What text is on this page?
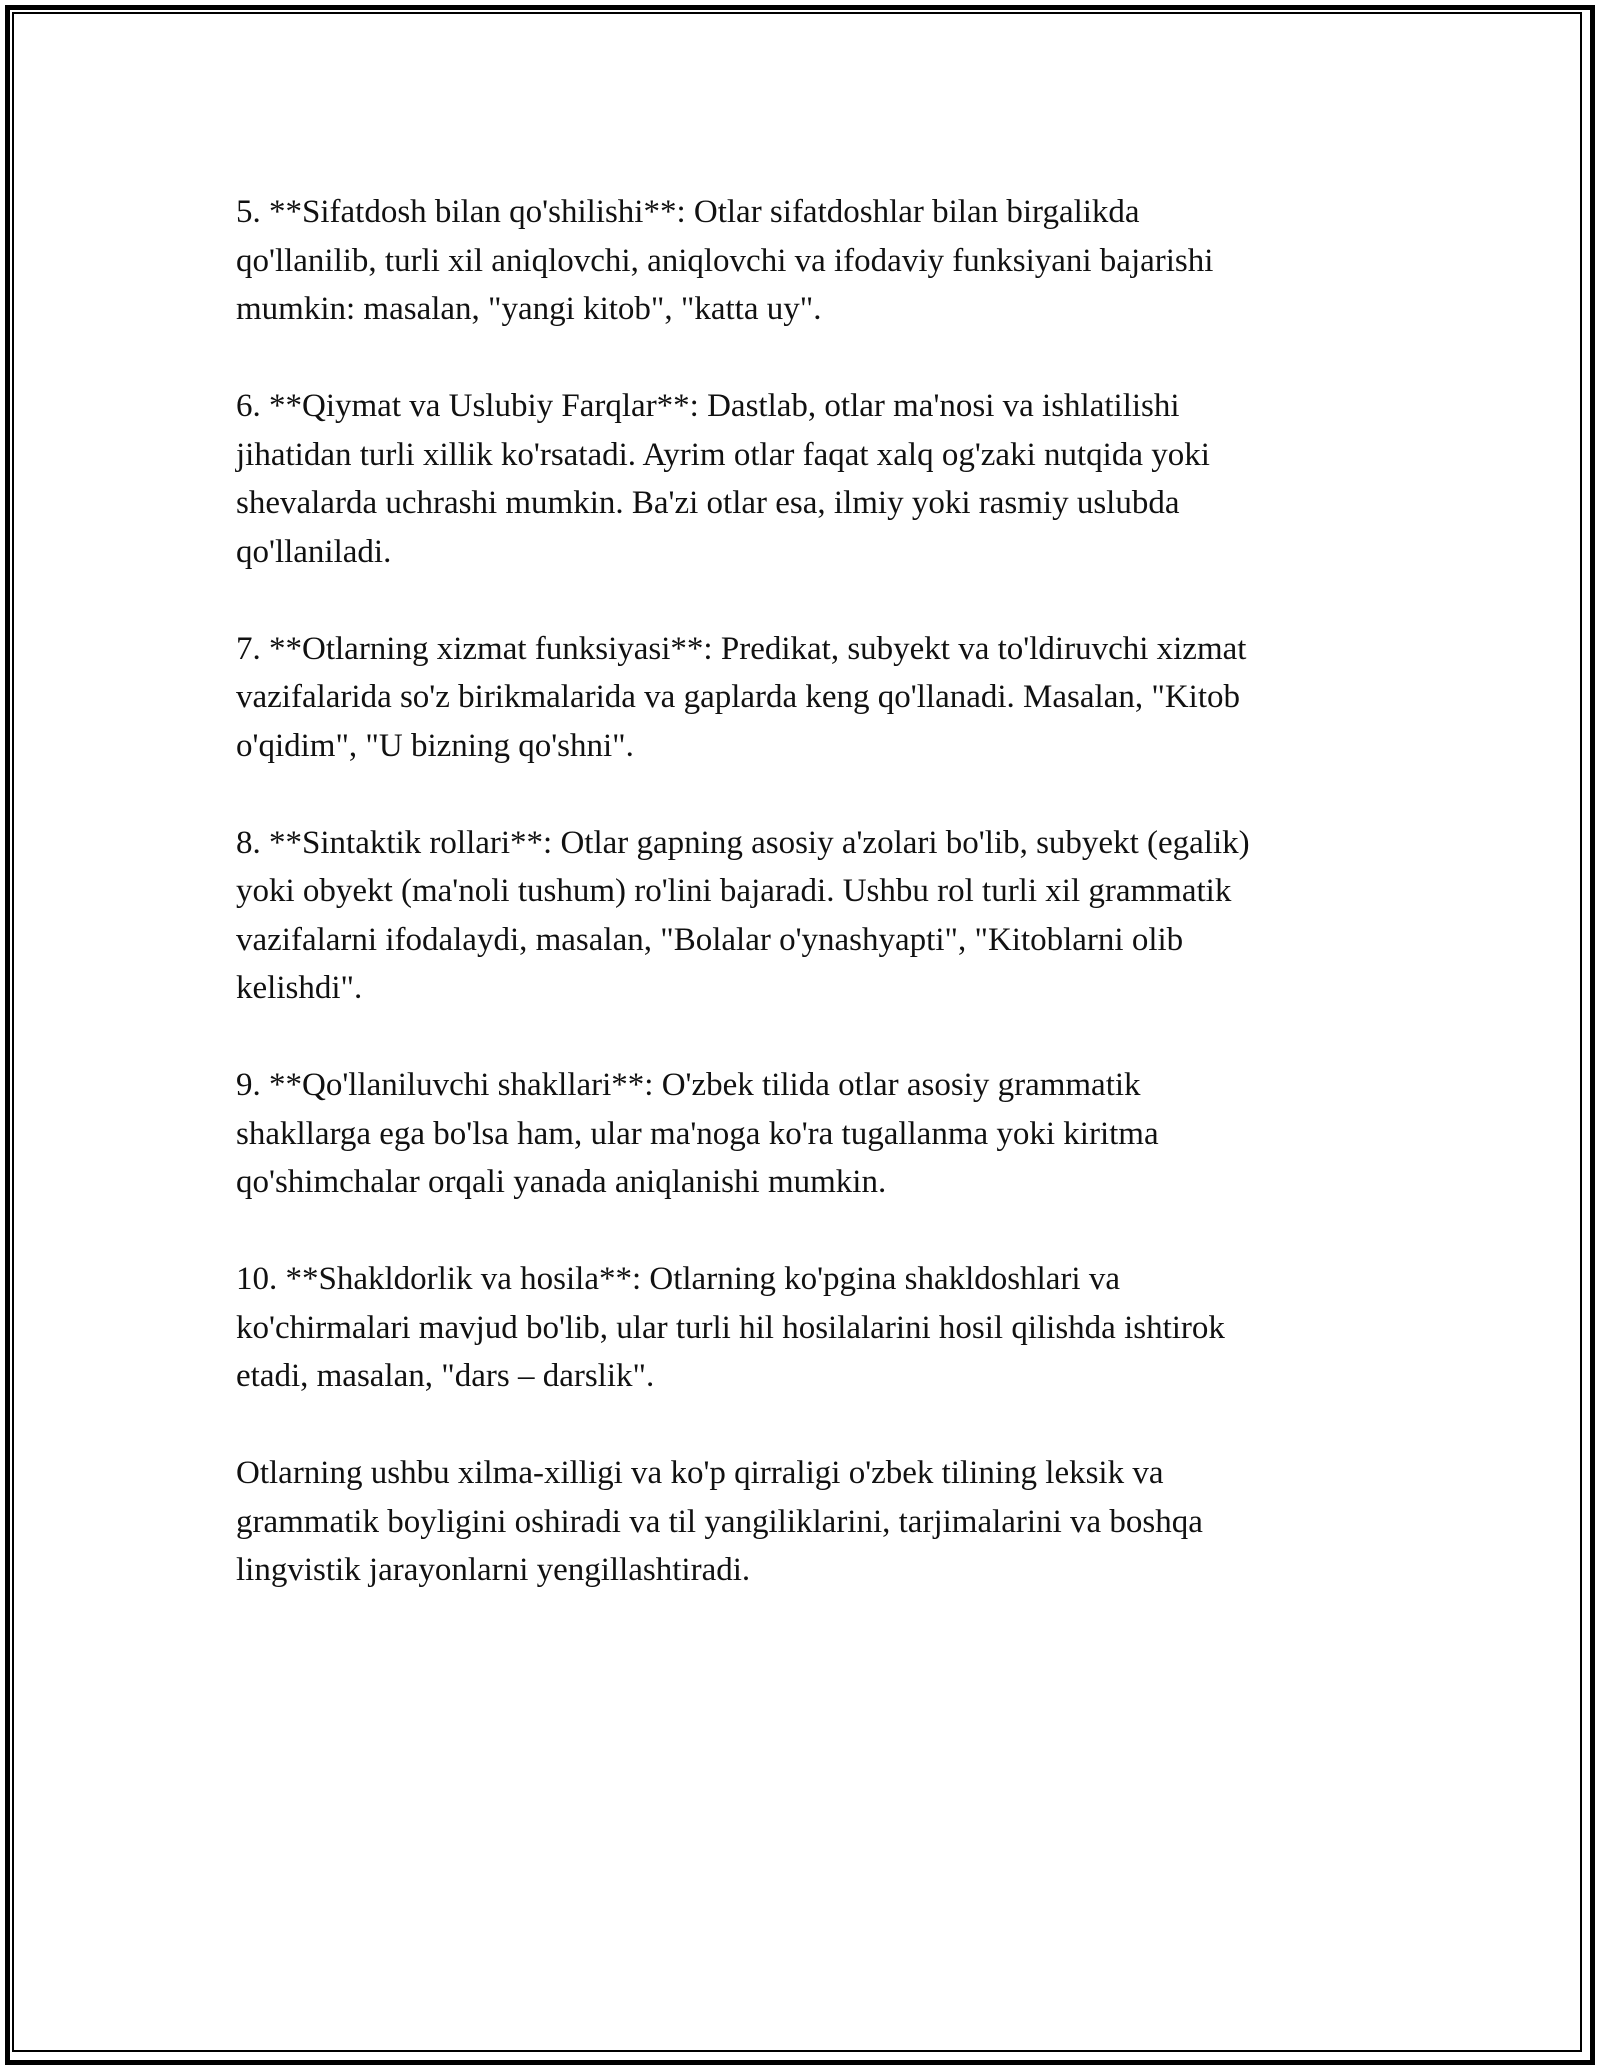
5. **Sifatdosh bilan qo'shilishi**: Otlar sifatdoshlar bilan birgalikda
qo'llanilib, turli xil aniqlovchi, aniqlovchi va ifodaviy funksiyani bajarishi
mumkin: masalan, "yangi kitob", "katta uy".

6. **Qiymat va Uslubiy Farqlar**: Dastlab, otlar ma'nosi va ishlatilishi
jihatidan turli xillik ko'rsatadi. Ayrim otlar faqat xalq og'zaki nutqida yoki
shevalarda uchrashi mumkin. Ba'zi otlar esa, ilmiy yoki rasmiy uslubda
qo'llaniladi.

7. **Otlarning xizmat funksiyasi**: Predikat, subyekt va to'ldiruvchi xizmat
vazifalarida so'z birikmalarida va gaplarda keng qo'llanadi. Masalan, "Kitob
o'qidim", "U bizning qo'shni".

8. **Sintaktik rollari**: Otlar gapning asosiy a'zolari bo'lib, subyekt (egalik)
yoki obyekt (ma'noli tushum) ro'lini bajaradi. Ushbu rol turli xil grammatik
vazifalarni ifodalaydi, masalan, "Bolalar o'ynashyapti", "Kitoblarni olib
kelishdi".

9. **Qo'llaniluvchi shakllari**: O'zbek tilida otlar asosiy grammatik
shakllarga ega bo'lsa ham, ular ma'noga ko'ra tugallanma yoki kiritma
qo'shimchalar orqali yanada aniqlanishi mumkin.

10. **Shakldorlik va hosila**: Otlarning ko'pgina shakldoshlari va
ko'chirmalari mavjud bo'lib, ular turli hil hosilalarini hosil qilishda ishtirok
etadi, masalan, "dars – darslik".

Otlarning ushbu xilma-xilligi va ko'p qirraligi o'zbek tilining leksik va
grammatik boyligini oshiradi va til yangiliklarini, tarjimalarini va boshqa
lingvistik jarayonlarni yengillashtiradi.
